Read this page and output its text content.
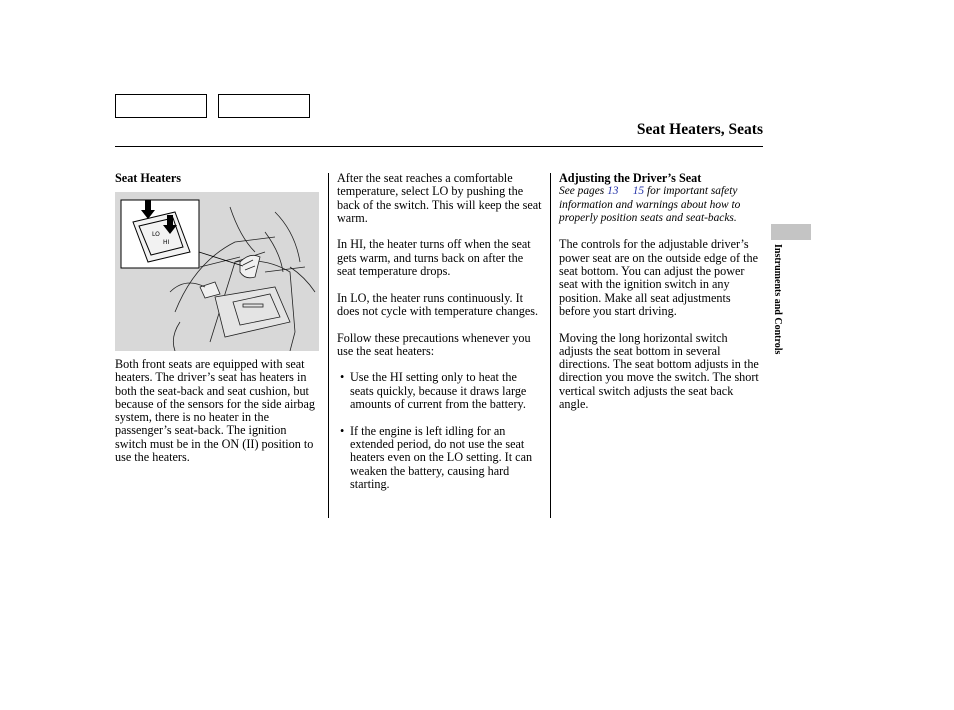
Seat Heaters, Seats
Seat Heaters
LO
HI

Both front seats are equipped with seat heaters. The driver’s seat has heaters in both the seat-back and seat cushion, but because of the sensors for the side airbag system, there is no heater in the passenger’s seat-back. The ignition switch must be in the ON (II) position to use the heaters.

After the seat reaches a comfortable temperature, select LO by pushing the back of the switch. This will keep the seat warm.

In HI, the heater turns off when the seat gets warm, and turns back on after the seat temperature drops.

In LO, the heater runs continuously. It does not cycle with temperature changes.

Follow these precautions whenever you use the seat heaters:

• Use the HI setting only to heat the seats quickly, because it draws large amounts of current from the battery.
• If the engine is left idling for an extended period, do not use the seat heaters even on the LO setting. It can weaken the battery, causing hard starting.
Adjusting the Driver’s Seat

See pages 13 15 for important safety information and warnings about how to properly position seats and seat-backs.

The controls for the adjustable driver’s power seat are on the outside edge of the seat bottom. You can adjust the power seat with the ignition switch in any position. Make all seat adjustments before you start driving.

Moving the long horizontal switch adjusts the seat bottom in several directions. The seat bottom adjusts in the direction you move the switch. The short vertical switch adjusts the seat back angle.

Instruments and Controls
